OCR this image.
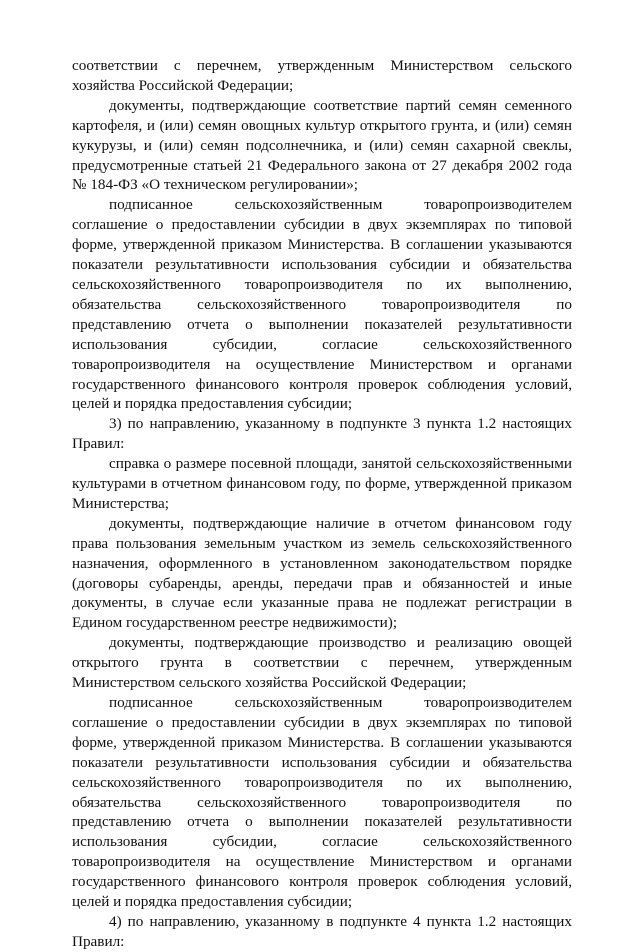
соответствии с перечнем, утвержденным Министерством сельского хозяйства Российской Федерации;

документы, подтверждающие соответствие партий семян семенного картофеля, и (или) семян овощных культур открытого грунта, и (или) семян кукурузы, и (или) семян подсолнечника, и (или) семян сахарной свеклы, предусмотренные статьей 21 Федерального закона от 27 декабря 2002 года № 184-ФЗ «О техническом регулировании»;

подписанное сельскохозяйственным товаропроизводителем соглашение о предоставлении субсидии в двух экземплярах по типовой форме, утвержденной приказом Министерства. В соглашении указываются показатели результативности использования субсидии и обязательства сельскохозяйственного товаропроизводителя по их выполнению, обязательства сельскохозяйственного товаропроизводителя по представлению отчета о выполнении показателей результативности использования субсидии, согласие сельскохозяйственного товаропроизводителя на осуществление Министерством и органами государственного финансового контроля проверок соблюдения условий, целей и порядка предоставления субсидии;

3) по направлению, указанному в подпункте 3 пункта 1.2 настоящих Правил:

справка о размере посевной площади, занятой сельскохозяйственными культурами в отчетном финансовом году, по форме, утвержденной приказом Министерства;

документы, подтверждающие наличие в отчетом финансовом году права пользования земельным участком из земель сельскохозяйственного назначения, оформленного в установленном законодательством порядке (договоры субаренды, аренды, передачи прав и обязанностей и иные документы, в случае если указанные права не подлежат регистрации в Едином государственном реестре недвижимости);

документы, подтверждающие производство и реализацию овощей открытого грунта в соответствии с перечнем, утвержденным Министерством сельского хозяйства Российской Федерации;

подписанное сельскохозяйственным товаропроизводителем соглашение о предоставлении субсидии в двух экземплярах по типовой форме, утвержденной приказом Министерства. В соглашении указываются показатели результативности использования субсидии и обязательства сельскохозяйственного товаропроизводителя по их выполнению, обязательства сельскохозяйственного товаропроизводителя по представлению отчета о выполнении показателей результативности использования субсидии, согласие сельскохозяйственного товаропроизводителя на осуществление Министерством и органами государственного финансового контроля проверок соблюдения условий, целей и порядка предоставления субсидии;

4) по направлению, указанному в подпункте 4 пункта 1.2 настоящих Правил:
